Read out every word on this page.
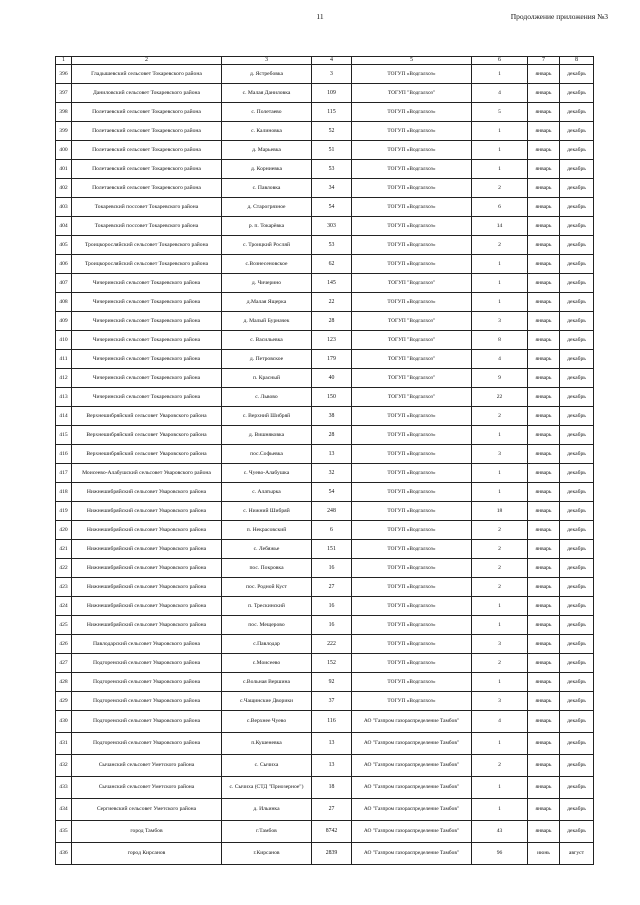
11	Продолжение приложения №3
1	2	3	4	5	6	7	8
396	Гладышевский сельсовет Токаревского района	д. Ястребовка	3	ТОГУП «Водгалхоз»	1	январь	декабрь
397	Даниловский сельсовет Токаревского района	с. Малая Даниловка	109	ТОГУП "Водгалхоз"	4	январь	декабрь
398	Полетаевский сельсовет Токаревского района	с. Полетаево	115	ТОГУП «Водгалхоз»	5	январь	декабрь
399	Полетаевский сельсовет Токаревского района	с. Калиновка	52	ТОГУП «Водгалхоз»	1	январь	декабрь
400	Полетаевский сельсовет Токаревского района	д. Марьевка	51	ТОГУП «Водгалхоз»	1	январь	декабрь
401	Полетаевский сельсовет Токаревского района	д. Корниевка	53	ТОГУП «Водгалхоз»	1	январь	декабрь
402	Полетаевский сельсовет Токаревского района	с. Павловка	34	ТОГУП «Водгалхоз»	2	январь	декабрь
403	Токаревский поссовет Токаревского района	д. Старогрязное	54	ТОГУП «Водгалхоз»	6	январь	декабрь
404	Токаревский поссовет Токаревского района	р. п. Токарёвка	303	ТОГУП «Водгалхоз»	14	январь	декабрь
405	Троицкоросляйский сельсовет Токаревского района	с. Троицкий Росляй	53	ТОГУП «Водгалхоз»	2	январь	декабрь
406	Троицкоросляйский сельсовет Токаревского района	с.Вознесеновское	62	ТОГУП «Водгалхоз»	1	январь	декабрь
407	Чичеринский сельсовет Токаревского района	д. Чичерино	145	ТОГУП "Водгалхоз"	1	январь	декабрь
408	Чичеринский сельсовет Токаревского района	д.Малая Ящерка	22	ТОГУП «Водгалхоз»	1	январь	декабрь
409	Чичеринский сельсовет Токаревского района	д. Малый Бурначек	28	ТОГУП "Водгалхоз"	3	январь	декабрь
410	Чичеринский сельсовет Токаревского района	с. Васильевка	123	ТОГУП "Водгалхоз"	8	январь	декабрь
411	Чичеринский сельсовет Токаревского района	д. Петровское	179	ТОГУП "Водгалхоз"	4	январь	декабрь
412	Чичеринский сельсовет Токаревского района	п. Красный	40	ТОГУП "Водгалхоз"	9	январь	декабрь
413	Чичеринский сельсовет Токаревского района	с. Львово	150	ТОГУП "Водгалхоз"	22	январь	декабрь
414	Верхнешибряйский сельсовет Уваровского района	с. Верхний Шибряй	38	ТОГУП «Водгалхоз»	2	январь	декабрь
415	Верхнешибряйский сельсовет Уваровского района	д. Вишняковка	28	ТОГУП «Водгалхоз»	1	январь	декабрь
416	Верхнешибряйский сельсовет Уваровского района	пос.Софьевка	13	ТОГУП «Водгалхоз»	3	январь	декабрь
417	Моисеево-Алабушский сельсовет Уваровского района	с. Чуево-Алабушка	32	ТОГУП «Водгалхоз»	1	январь	декабрь
418	Нижнешибряйский сельсовет Уваровского района	с. Алатырка	54	ТОГУП «Водгалхоз»	1	январь	декабрь
419	Нижнешибряйский сельсовет Уваровского района	с. Нижний Шибряй	248	ТОГУП «Водгалхоз»	18	январь	декабрь
420	Нижнешибряйский сельсовет Уваровского района	п. Некрасовский	6	ТОГУП «Водгалхоз»	2	январь	декабрь
421	Нижнешибряйский сельсовет Уваровского района	с. Лебяжье	151	ТОГУП «Водгалхоз»	2	январь	декабрь
422	Нижнешибряйский сельсовет Уваровского района	пос. Покровка	16	ТОГУП «Водгалхоз»	2	январь	декабрь
423	Нижнешибряйский сельсовет Уваровского района	пос. Родной Куст	27	ТОГУП «Водгалхоз»	2	январь	декабрь
424	Нижнешибряйский сельсовет Уваровского района	п. Трескинский	16	ТОГУП «Водгалхоз»	1	январь	декабрь
425	Нижнешибряйский сельсовет Уваровского района	пос. Мещерово	16	ТОГУП «Водгалхоз»	1	январь	декабрь
426	Павлодарский сельсовет Уваровского района	с.Павлодар	222	ТОГУП «Водгалхоз»	3	январь	декабрь
427	Подгоренский сельсовет Уваровского района	с.Моисеево	152	ТОГУП «Водгалхоз»	2	январь	декабрь
428	Подгоренский сельсовет Уваровского района	с.Вольная Вершина	92	ТОГУП «Водгалхоз»	1	январь	декабрь
429	Подгоренский сельсовет Уваровского района	с.Чащинские Дворики	37	ТОГУП «Водгалхоз»	3	январь	декабрь
430	Подгоренский сельсовет Уваровского района	с.Верхнее Чуево	116	АО "Газпром газораспределение Тамбов"	4	январь	декабрь
431	Подгоренский сельсовет Уваровского района	п.Кушеневка	13	АО "Газпром газораспределение Тамбов"	1	январь	декабрь
432	Сычанский сельсовет Уметского района	с. Сычиха	13	АО "Газпром газораспределение Тамбов"	2	январь	декабрь
433	Сычанский сельсовет Уметского района	с. Сычиха (СТД "Приозерное")	18	АО "Газпром газораспределение Тамбов"	1	январь	декабрь
434	Сергиевский сельсовет Уметского района	д. Ильинка	27	АО "Газпром газораспределение Тамбов"	1	январь	декабрь
435	город Тамбов	г.Тамбов	8742	АО "Газпром газораспределение Тамбов"	43	январь	декабрь
436	город Кирсанов	г.Кирсанов	2839	АО "Газпром газораспределение Тамбов"	96	июнь	август
